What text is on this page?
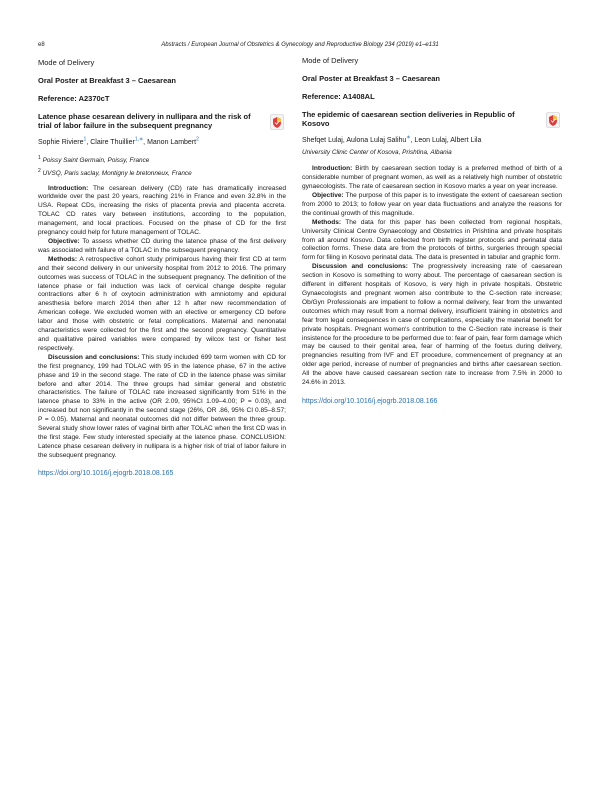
e8	Abstracts / European Journal of Obstetrics & Gynecology and Reproductive Biology 234 (2019) e1–e131
Mode of Delivery
Oral Poster at Breakfast 3 – Caesarean
Reference: A2370cT
Latence phase cesarean delivery in nullipara and the risk of trial of labor failure in the subsequent pregnancy
Sophie Riviere$^1$, Claire Thuillier$^{1,∗}$, Manon Lambert$^2$
$^1$ Poissy Saint Germain, Poissy, France
$^2$ UVSQ, Paris saclay, Montigny le bretonneux, France

Introduction: The cesarean delivery (CD) rate has dramatically increased worldwide over the past 20 years, reaching 21% in France and even 32.8% in the USA. Repeat CDs, increasing the risks of placenta previa and placenta accreta. TOLAC CD rates vary between institutions, according to the population, management, and local practices. Focused on the phase of CD for the first pregnancy could help for future management of TOLAC.

Objective: To assess whether CD during the latence phase of the first delivery was associated with failure of a TOLAC in the subsequent pregnancy.

Methods: A retrospective cohort study primiparous having their first CD at term and their second delivery in our university hospital from 2012 to 2016. The primary outcomes was success of TOLAC in the subsequent pregnancy. The definition of the latence phase or fail induction was lack of cervical change despite regular contractions after 6 h of oxytocin administration with amniotomy and epidural anesthesia before march 2014 then after 12 h after new recommendation of American college. We excluded women with an elective or emergency CD before labor and those with obstetric or fetal complications. Maternal and nenonatal characteristics were collected for the first and the second pregnancy. Quantitative and qualitative paired variables were compared by wilcox test or fisher test respectively.

Discussion and conclusions: This study included 699 term women with CD for the first pregnancy, 199 had TOLAC with 95 in the latence phase, 67 in the active phase and 19 in the second stage. The rate of CD in the latence phase was similar before and after 2014. The three groups had similar general and obstetric characteristics. The failure of TOLAC rate increased significantly from 51% in the latence phase to 33% in the active (OR 2.09, 95%CI 1.09–4.00; P = 0.03), and increased but non significantly in the second stage (26%, OR .86, 95% CI 0.85–8.57; P = 0.05). Maternal and neonatal outcomes did not differ between the three group. Several study show lower rates of vaginal birth after TOLAC when the first CD was in the first stage. Few study interested specially at the latence phase. CONCLUSION: Latence phase cesarean delivery in nullipara is a higher risk of trial of labor failure in the subsequent pregnancy.

https://doi.org/10.1016/j.ejogrb.2018.08.165
Mode of Delivery
Oral Poster at Breakfast 3 – Caesarean
Reference: A1408AL
The epidemic of caesarean section deliveries in Republic of Kosovo
Shefqet Lulaj, Aulona Lulaj Salihu∗, Leon Lulaj, Albert Lila
University Clinic Center of Kosova, Prishtina, Albania

Introduction: Birth by caesarean section today is a preferred method of birth of a considerable number of pregnant women, as well as a relatively high number of obstetric gynaecologists. The rate of caesarean section in Kosovo marks a year on year increase.

Objective: The purpose of this paper is to investigate the extent of caesarean section from 2000 to 2013; to follow year on year data fluctuations and analyze the reasons for the continual growth of this magnitude.

Methods: The data for this paper has been collected from regional hospitals, University Clinical Centre Gynaecology and Obstetrics in Prishtina and private hospitals from all around Kosovo. Data collected from birth register protocols and perinatal data collection forms. These data are from the protocols of births, surgeries through special form for filing in Kosovo perinatal data. The data is presented in tabular and graphic form.

Discussion and conclusions: The progressively increasing rate of caesarean section in Kosovo is something to worry about. The percentage of caesarean section is different in different hospitals of Kosovo, is very high in private hospitals. Obstetric Gynaecologists and pregnant women also contribute to the C-section rate increase; Ob/Gyn Professionals are impatient to follow a normal delivery, fear from the unwanted outcomes which may result from a normal delivery, insufficient training in obstetrics and fear from legal consequences in case of complications, especially the material benefit for private hospitals. Pregnant women's contribution to the C-Section rate increase is their insistence for the procedure to be performed due to: fear of pain, fear form damage which may be caused to their genital area, fear of harming of the foetus during delivery, pregnancies resulting from IVF and ET procedure, commencement of pregnancy at an older age period, increase of number of pregnancies and births after caesarean section. All the above have caused caesarean section rate to increase from 7.5% in 2000 to 24.6% in 2013.

https://doi.org/10.1016/j.ejogrb.2018.08.166
